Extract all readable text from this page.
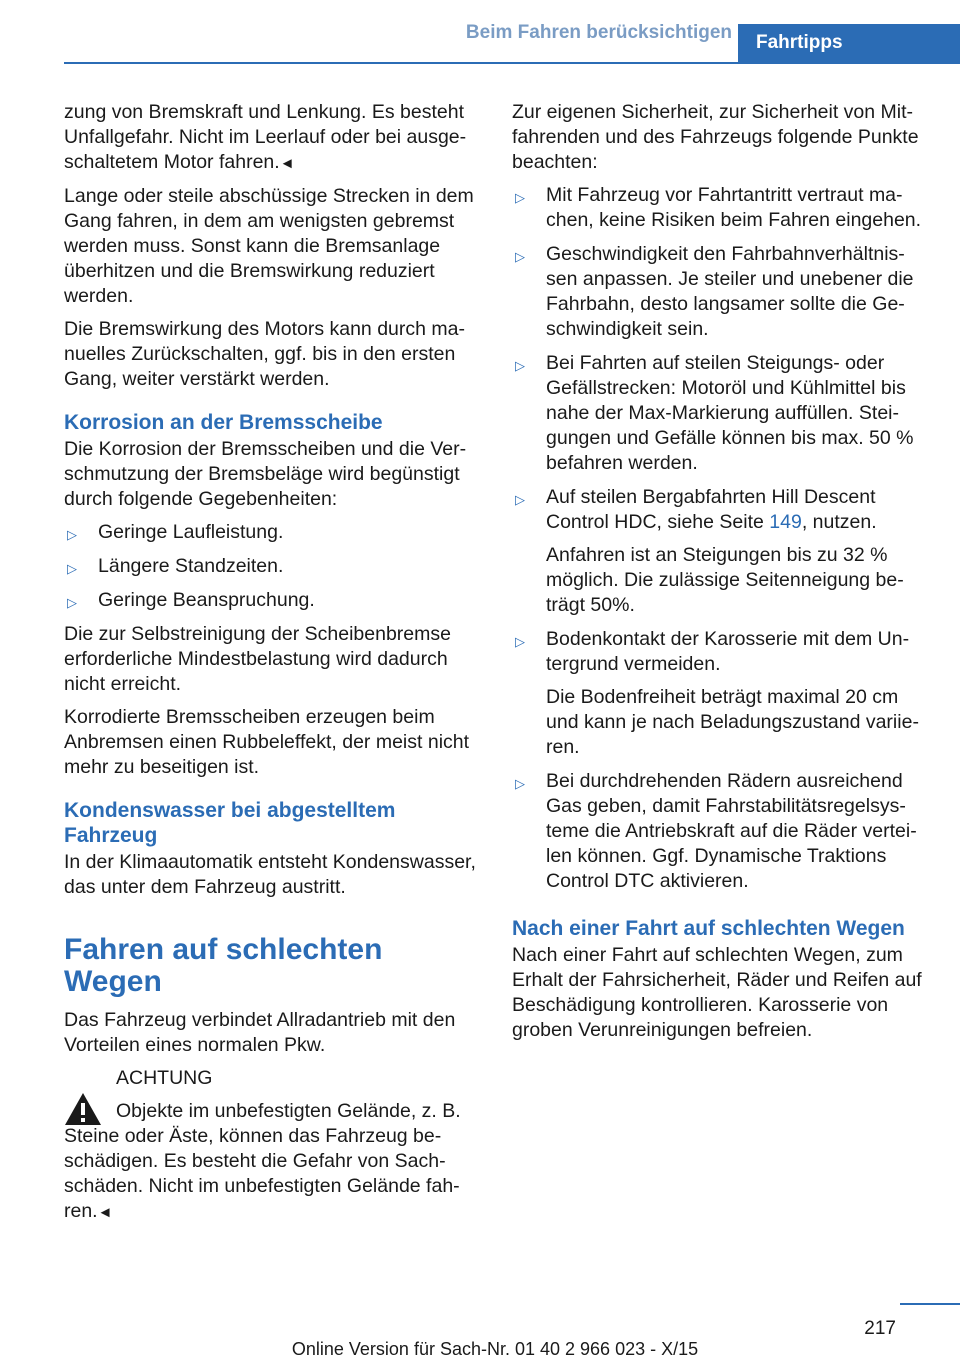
Beim Fahren berücksichtigen	Fahrtipps

zung von Bremskraft und Lenkung. Es besteht Unfallgefahr. Nicht im Leerlauf oder bei ausgeschaltetem Motor fahren.◄

Lange oder steile abschüssige Strecken in dem Gang fahren, in dem am wenigsten gebremst werden muss. Sonst kann die Bremsanlage überhitzen und die Bremswirkung reduziert werden.

Die Bremswirkung des Motors kann durch manuelles Zurückschalten, ggf. bis in den ersten Gang, weiter verstärkt werden.

Korrosion an der Bremsscheibe

Die Korrosion der Bremsscheiben und die Verschmutzung der Bremsbeläge wird begünstigt durch folgende Gegebenheiten:

▷ Geringe Laufleistung.
▷ Längere Standzeiten.
▷ Geringe Beanspruchung.

Die zur Selbstreinigung der Scheibenbremse erforderliche Mindestbelastung wird dadurch nicht erreicht.

Korrodierte Bremsscheiben erzeugen beim Anbremsen einen Rubbeleffekt, der meist nicht mehr zu beseitigen ist.

Kondenswasser bei abgestelltem Fahrzeug

In der Klimaautomatik entsteht Kondenswasser, das unter dem Fahrzeug austritt.

Fahren auf schlechten Wegen

Das Fahrzeug verbindet Allradantrieb mit den Vorteilen eines normalen Pkw.

ACHTUNG

Objekte im unbefestigten Gelände, z. B. Steine oder Äste, können das Fahrzeug beschädigen. Es besteht die Gefahr von Sachschäden. Nicht im unbefestigten Gelände fahren.◄

Zur eigenen Sicherheit, zur Sicherheit von Mitfahrenden und des Fahrzeugs folgende Punkte beachten:

▷ Mit Fahrzeug vor Fahrtantritt vertraut machen, keine Risiken beim Fahren eingehen.
▷ Geschwindigkeit den Fahrbahnverhältnissen anpassen. Je steiler und unebener die Fahrbahn, desto langsamer sollte die Geschwindigkeit sein.
▷ Bei Fahrten auf steilen Steigungs- oder Gefällstrecken: Motoröl und Kühlmittel bis nahe der Max-Markierung auffüllen. Steigungen und Gefälle können bis max. 50 % befahren werden.
▷ Auf steilen Bergabfahrten Hill Descent Control HDC, siehe Seite 149, nutzen.
Anfahren ist an Steigungen bis zu 32 % möglich. Die zulässige Seitenneigung beträgt 50%.
▷ Bodenkontakt der Karosserie mit dem Untergrund vermeiden.
Die Bodenfreiheit beträgt maximal 20 cm und kann je nach Beladungszustand variieren.
▷ Bei durchdrehenden Rädern ausreichend Gas geben, damit Fahrstabilitätsregelsysteme die Antriebskraft auf die Räder verteilen können. Ggf. Dynamische Traktions Control DTC aktivieren.
Nach einer Fahrt auf schlechten Wegen

Nach einer Fahrt auf schlechten Wegen, zum Erhalt der Fahrsicherheit, Räder und Reifen auf Beschädigung kontrollieren. Karosserie von groben Verunreinigungen befreien.

217
Online Version für Sach-Nr. 01 40 2 966 023 - X/15
